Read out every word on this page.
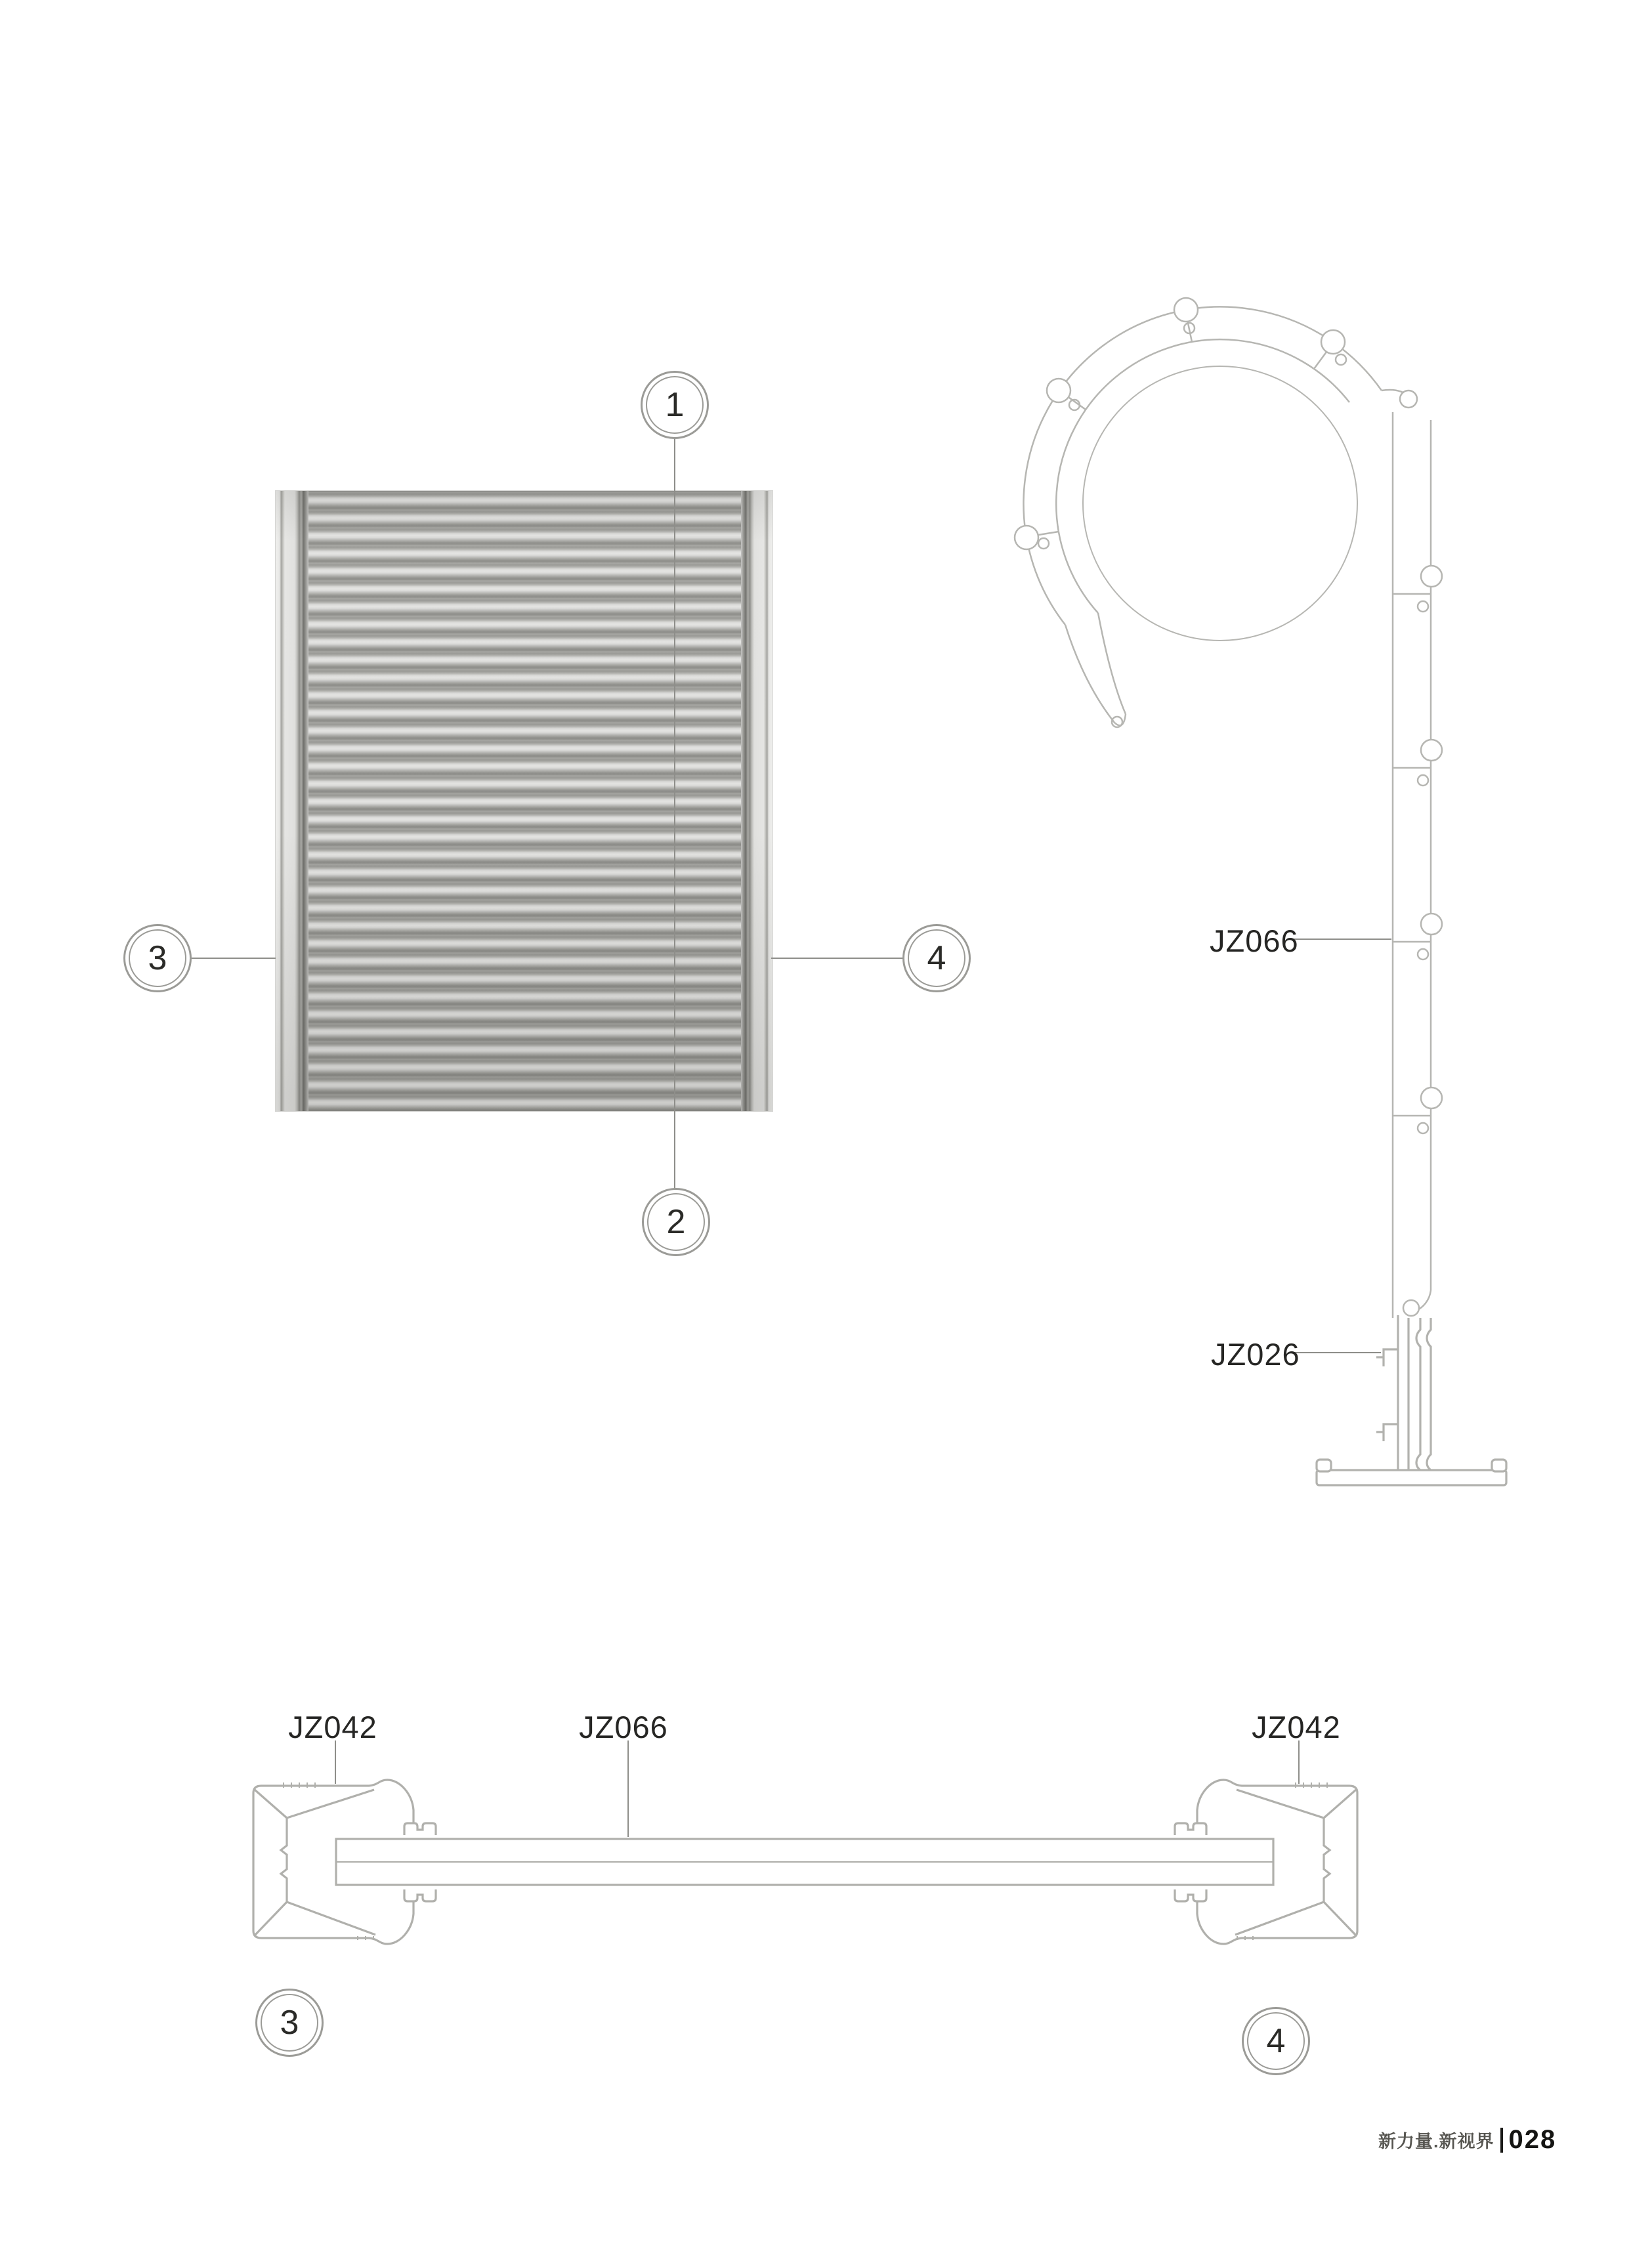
1
2
3	4
3	4
JZ066
JZ026
JZ042	JZ066	JZ042
新力量.新视界 028
